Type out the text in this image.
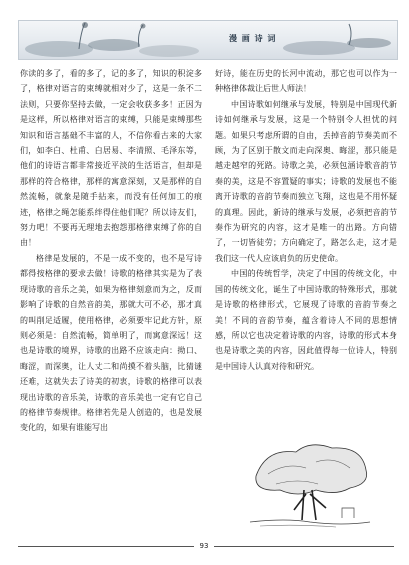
漫 画 诗 词

你读的多了，看的多了，记的多了，知识的积淀多了，格律对语言的束缚就相对少了，这是一条不二法则，只要你坚持去做，一定会收获多多！正因为是这样，所以格律对语言的束缚，只能是束缚那些知识和语言基础不丰富的人，不信你看古来的大家们，如李白、杜甫、白居易、李清照、毛泽东等，他们的诗语言都非常接近平淡的生活语言，但却是那样的符合格律，那样的寓意深刻，又是那样的自然流畅，就象是随手拈来，而没有任何加工的痕迹，格律之绳怎能系绊得住他们呢？所以诗友们，努力吧！不要再无理地去抱怨那格律束缚了你的自由！

格律是发展的，不是一成不变的，也不是写诗都得按格律的要求去做！诗歌的格律其实是为了表现诗歌的音乐之美，如果为格律刻意而为之，反而影响了诗歌的自然音韵美，那就大可不必，那才真的叫削足适履，使用格律，必须要牢记此方针，原则必须是：自然流畅，简单明了，而寓意深远！这也是诗歌的境界，诗歌的出路不应该走向：拗口、晦涩，而深奥，让人丈二和尚摸不着头脑，比猜谜还难，这就失去了诗美的初衷，诗歌的格律可以表现出诗歌的音乐美，诗歌的音乐美也一定有它自己的格律节奏规律。格律若先是人创造的，也是发展变化的，如果有谁能写出

好诗，能在历史的长河中流动，那它也可以作为一种格律体裁让后世人师法！

中国诗歌如何继承与发展，特别是中国现代新诗如何继承与发展，这是一个特别令人担忧的问题。如果只考虑所谓的自由，丢掉音韵节奏美而不顾，为了区别于散文而走向深奥、晦涩，那只能是越走越窄的死路。诗歌之美，必须包涵诗歌音韵节奏的美，这是不容置疑的事实；诗歌的发展也不能离开诗歌的音韵节奏而独立飞翔，这也是不用怀疑的真理。因此，新诗的继承与发展，必须把音韵节奏作为研究的内容，这才是唯一的出路。方向错了，一切皆徒劳；方向确定了，路怎么走，这才是我们这一代人应该肩负的历史使命。

中国的传统哲学，决定了中国的传统文化，中国的传统文化，诞生了中国诗歌的特殊形式，那就是诗歌的格律形式，它展现了诗歌的音韵节奏之美！不同的音韵节奏，蕴含着诗人不同的思想情感，所以它也决定着诗歌的内容，诗歌的形式本身也是诗歌之美的内容，因此值得每一位诗人，特别是中国诗人认真对待和研究。

93
